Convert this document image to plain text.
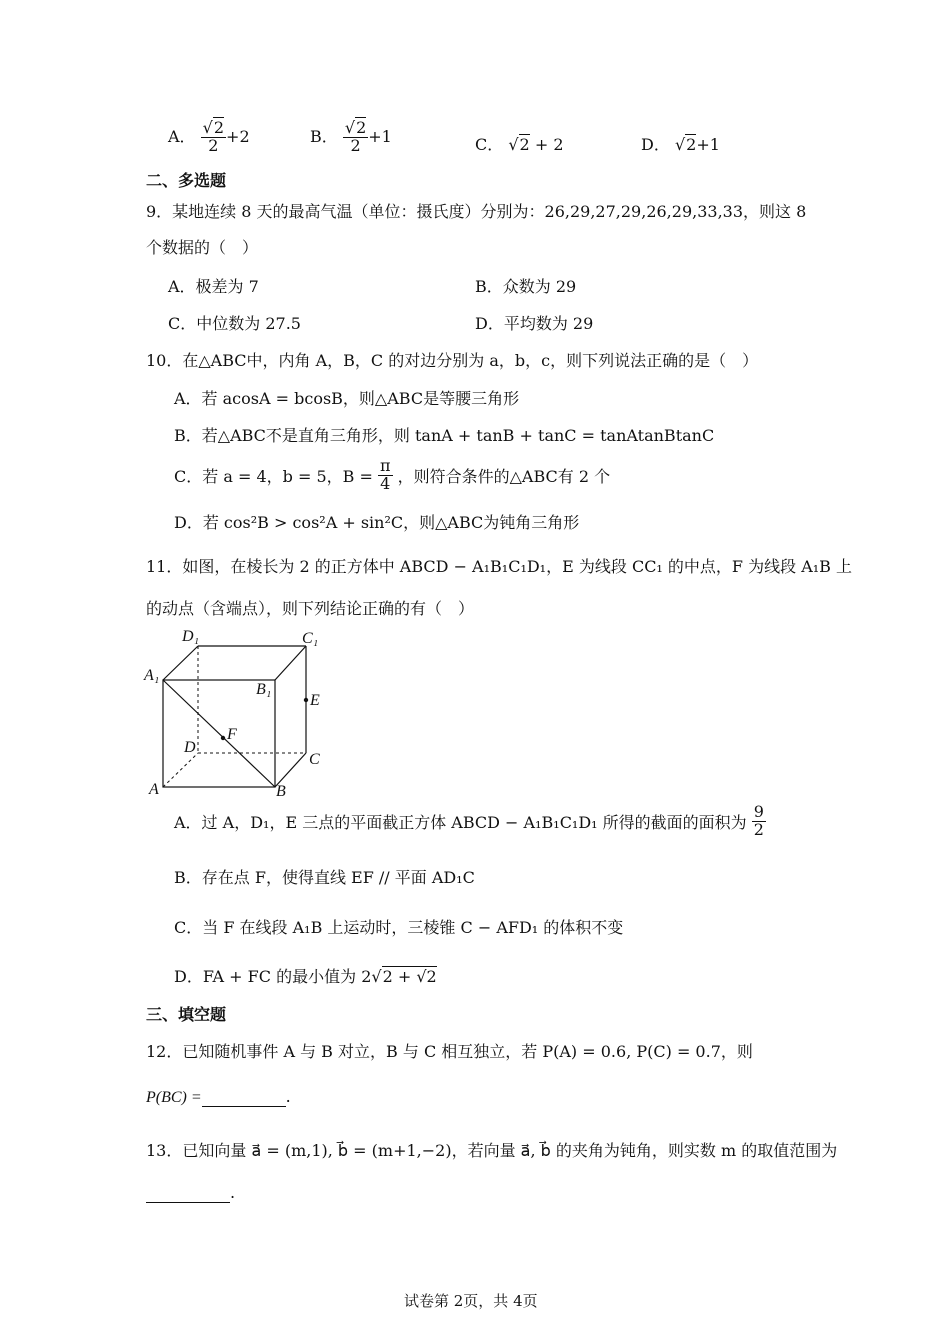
A． $\frac{√2}{2} +2$	B． $\frac{√2}{2} +1$	C． √2 + 2	D． √2+1
二、多选题
9．某地连续 8 天的最高气温（单位：摄氏度）分别为：26,29,27,29,26,29,33,33，则这 8
个数据的（　）
A．极差为 7	B．众数为 29
C．中位数为 27.5	D．平均数为 29
10．在△ABC中，内角 A，B，C 的对边分别为 a，b，c，则下列说法正确的是（　）
A．若 acosA = bcosB，则△ABC是等腰三角形
B．若△ABC不是直角三角形，则 tanA + tanB + tanC = tanAtanBtanC
C．若 a = 4，b = 5，$B = \frac{\pi}{4}$ ，则符合条件的△ABC有 2 个
D．若 cos²B > cos²A + sin²C，则△ABC为钝角三角形
11．如图，在棱长为 2 的正方体中 ABCD − A₁B₁C₁D₁，E 为线段 CC₁ 的中点，F 为线段 A₁B 上
的动点（含端点），则下列结论正确的有（　）
D₁	C₁
A₁
B₁
E
F
D
C
A	B
A．过 A，D₁，E 三点的平面截正方体 ABCD − A₁B₁C₁D₁ 所得的截面的面积为 $\frac{9}{2}$
B．存在点 F，使得直线 EF // 平面 AD₁C
C．当 F 在线段 A₁B 上运动时，三棱锥 C − AFD₁ 的体积不变
D．FA + FC 的最小值为 2√2 + √2
三、填空题
12．已知随机事件 A 与 B 对立，B 与 C 相互独立，若 P(A) = 0.6, P(C) = 0.7，则
P(BC) =	.
13．已知向量 a⃗ = (m,1), b⃗ = (m+1,−2)，若向量 a⃗, b⃗ 的夹角为钝角，则实数 m 的取值范围为
.
试卷第 2页，共 4页
